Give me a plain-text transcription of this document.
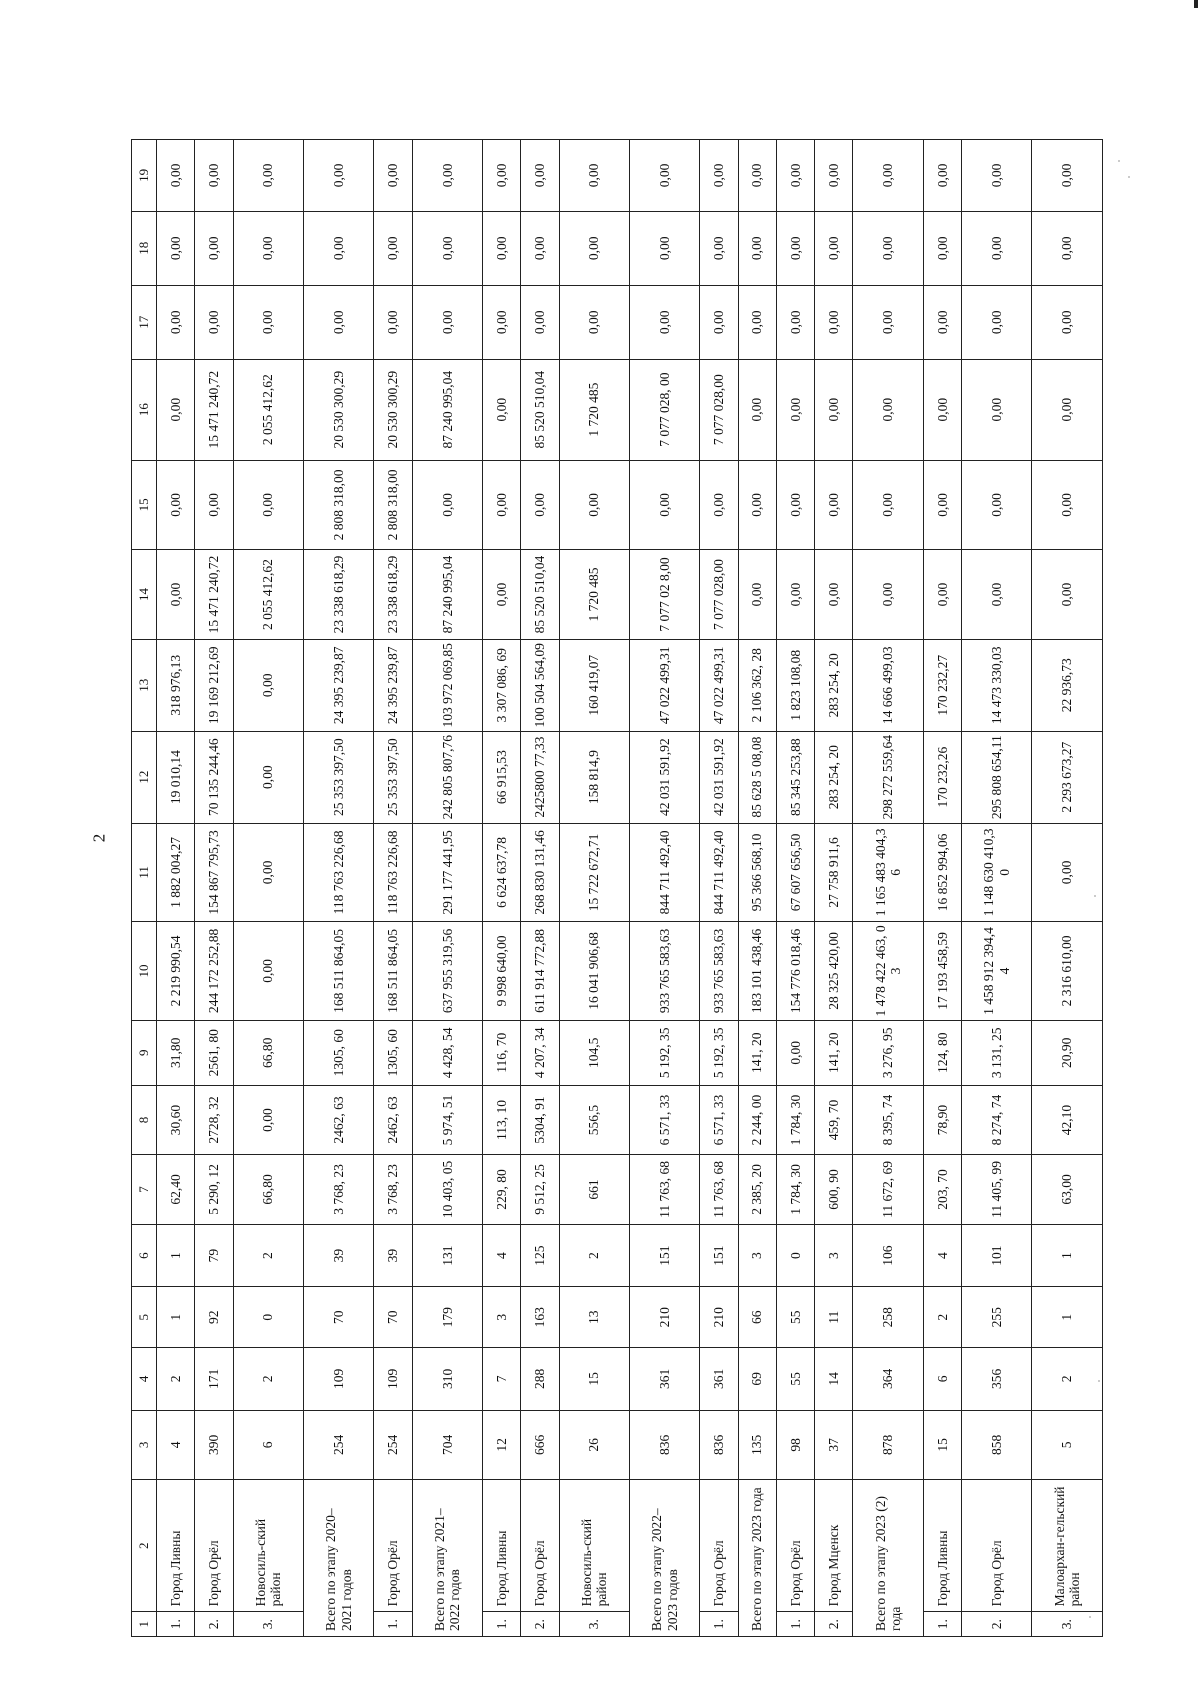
2
1	2	3	4	5	6	7	8	9	10	11	12	13	14	15	16	17	18	19
1.	Город Ливны	4	2	1	1	62,40	30,60	31,80	2 219 990,54	1 882 004,27	19 010,14	318 976,13	0,00	0,00	0,00	0,00	0,00	0,00
2.	Город Орёл	390	171	92	79	5 290, 12	2728, 32	2561, 80	244 172 252,88	154 867 795,73	70 135 244,46	19 169 212,69	15 471 240,72	0,00	15 471 240,72	0,00	0,00	0,00
3.	Новосиль-ский район	6	2	0	2	66,80	0,00	66,80	0,00	0,00	0,00	0,00	2 055 412,62	0,00	2 055 412,62	0,00	0,00	0,00
Всего по этапу 2020–2021 годов		254	109	70	39	3 768, 23	2462, 63	1305, 60	168 511 864,05	118 763 226,68	25 353 397,50	24 395 239,87	23 338 618,29	2 808 318,00	20 530 300,29	0,00	0,00	0,00
1.	Город Орёл	254	109	70	39	3 768, 23	2462, 63	1305, 60	168 511 864,05	118 763 226,68	25 353 397,50	24 395 239,87	23 338 618,29	2 808 318,00	20 530 300,29	0,00	0,00	0,00
Всего по этапу 2021–2022 годов		704	310	179	131	10 403, 05	5 974, 51	4 428, 54	637 955 319,56	291 177 441,95	242 805 807,76	103 972 069,85	87 240 995,04	0,00	87 240 995,04	0,00	0,00	0,00
1.	Город Ливны	12	7	3	4	229, 80	113, 10	116, 70	9 998 640,00	6 624 637,78	66 915,53	3 307 086, 69	0,00	0,00	0,00	0,00	0,00	0,00
2.	Город Орёл	666	288	163	125	9 512, 25	5304, 91	4 207, 34	611 914 772,88	268 830 131,46	2425800 77,33	100 504 564,09	85 520 510,04	0,00	85 520 510,04	0,00	0,00	0,00
3.	Новосиль-ский район	26	15	13	2	661	556,5	104,5	16 041 906,68	15 722 672,71	158 814,9	160 419,07	1 720 485	0,00	1 720 485	0,00	0,00	0,00
Всего по этапу 2022–2023 годов		836	361	210	151	11 763, 68	6 571, 33	5 192, 35	933 765 583,63	844 711 492,40	42 031 591,92	47 022 499,31	7 077 02 8,00	0,00	7 077 028, 00	0,00	0,00	0,00
1.	Город Орёл	836	361	210	151	11 763, 68	6 571, 33	5 192, 35	933 765 583,63	844 711 492,40	42 031 591,92	47 022 499,31	7 077 028,00	0,00	7 077 028,00	0,00	0,00	0,00
Всего по этапу 2023 года		135	69	66	3	2 385, 20	2 244, 00	141, 20	183 101 438,46	95 366 568,10	85 628 5 08,08	2 106 362, 28	0,00	0,00	0,00	0,00	0,00	0,00
1.	Город Орёл	98	55	55	0	1 784, 30	1 784, 30	0,00	154 776 018,46	67 607 656,50	85 345 253,88	1 823 108,08	0,00	0,00	0,00	0,00	0,00	0,00
2.	Город Мценск	37	14	11	3	600, 90	459, 70	141, 20	28 325 420,00	27 758 911,6	283 254, 20	283 254, 20	0,00	0,00	0,00	0,00	0,00	0,00
Всего по этапу 2023 (2) года		878	364	258	106	11 672, 69	8 395, 74	3 276, 95	1 478 422 463, 03	1 165 483 404,36	298 272 559,64	14 666 499,03	0,00	0,00	0,00	0,00	0,00	0,00
1.	Город Ливны	15	6	2	4	203, 70	78,90	124, 80	17 193 458,59	16 852 994,06	170 232,26	170 232,27	0,00	0,00	0,00	0,00	0,00	0,00
2.	Город Орёл	858	356	255	101	11 405, 99	8 274, 74	3 131, 25	1 458 912 394,44	1 148 630 410,30	295 808 654,11	14 473 330,03	0,00	0,00	0,00	0,00	0,00	0,00
3.	Малоархан-гельский район	5	2	1	1	63,00	42,10	20,90	2 316 610,00	0,00	2 293 673,27	22 936,73	0,00	0,00	0,00	0,00	0,00	0,00
